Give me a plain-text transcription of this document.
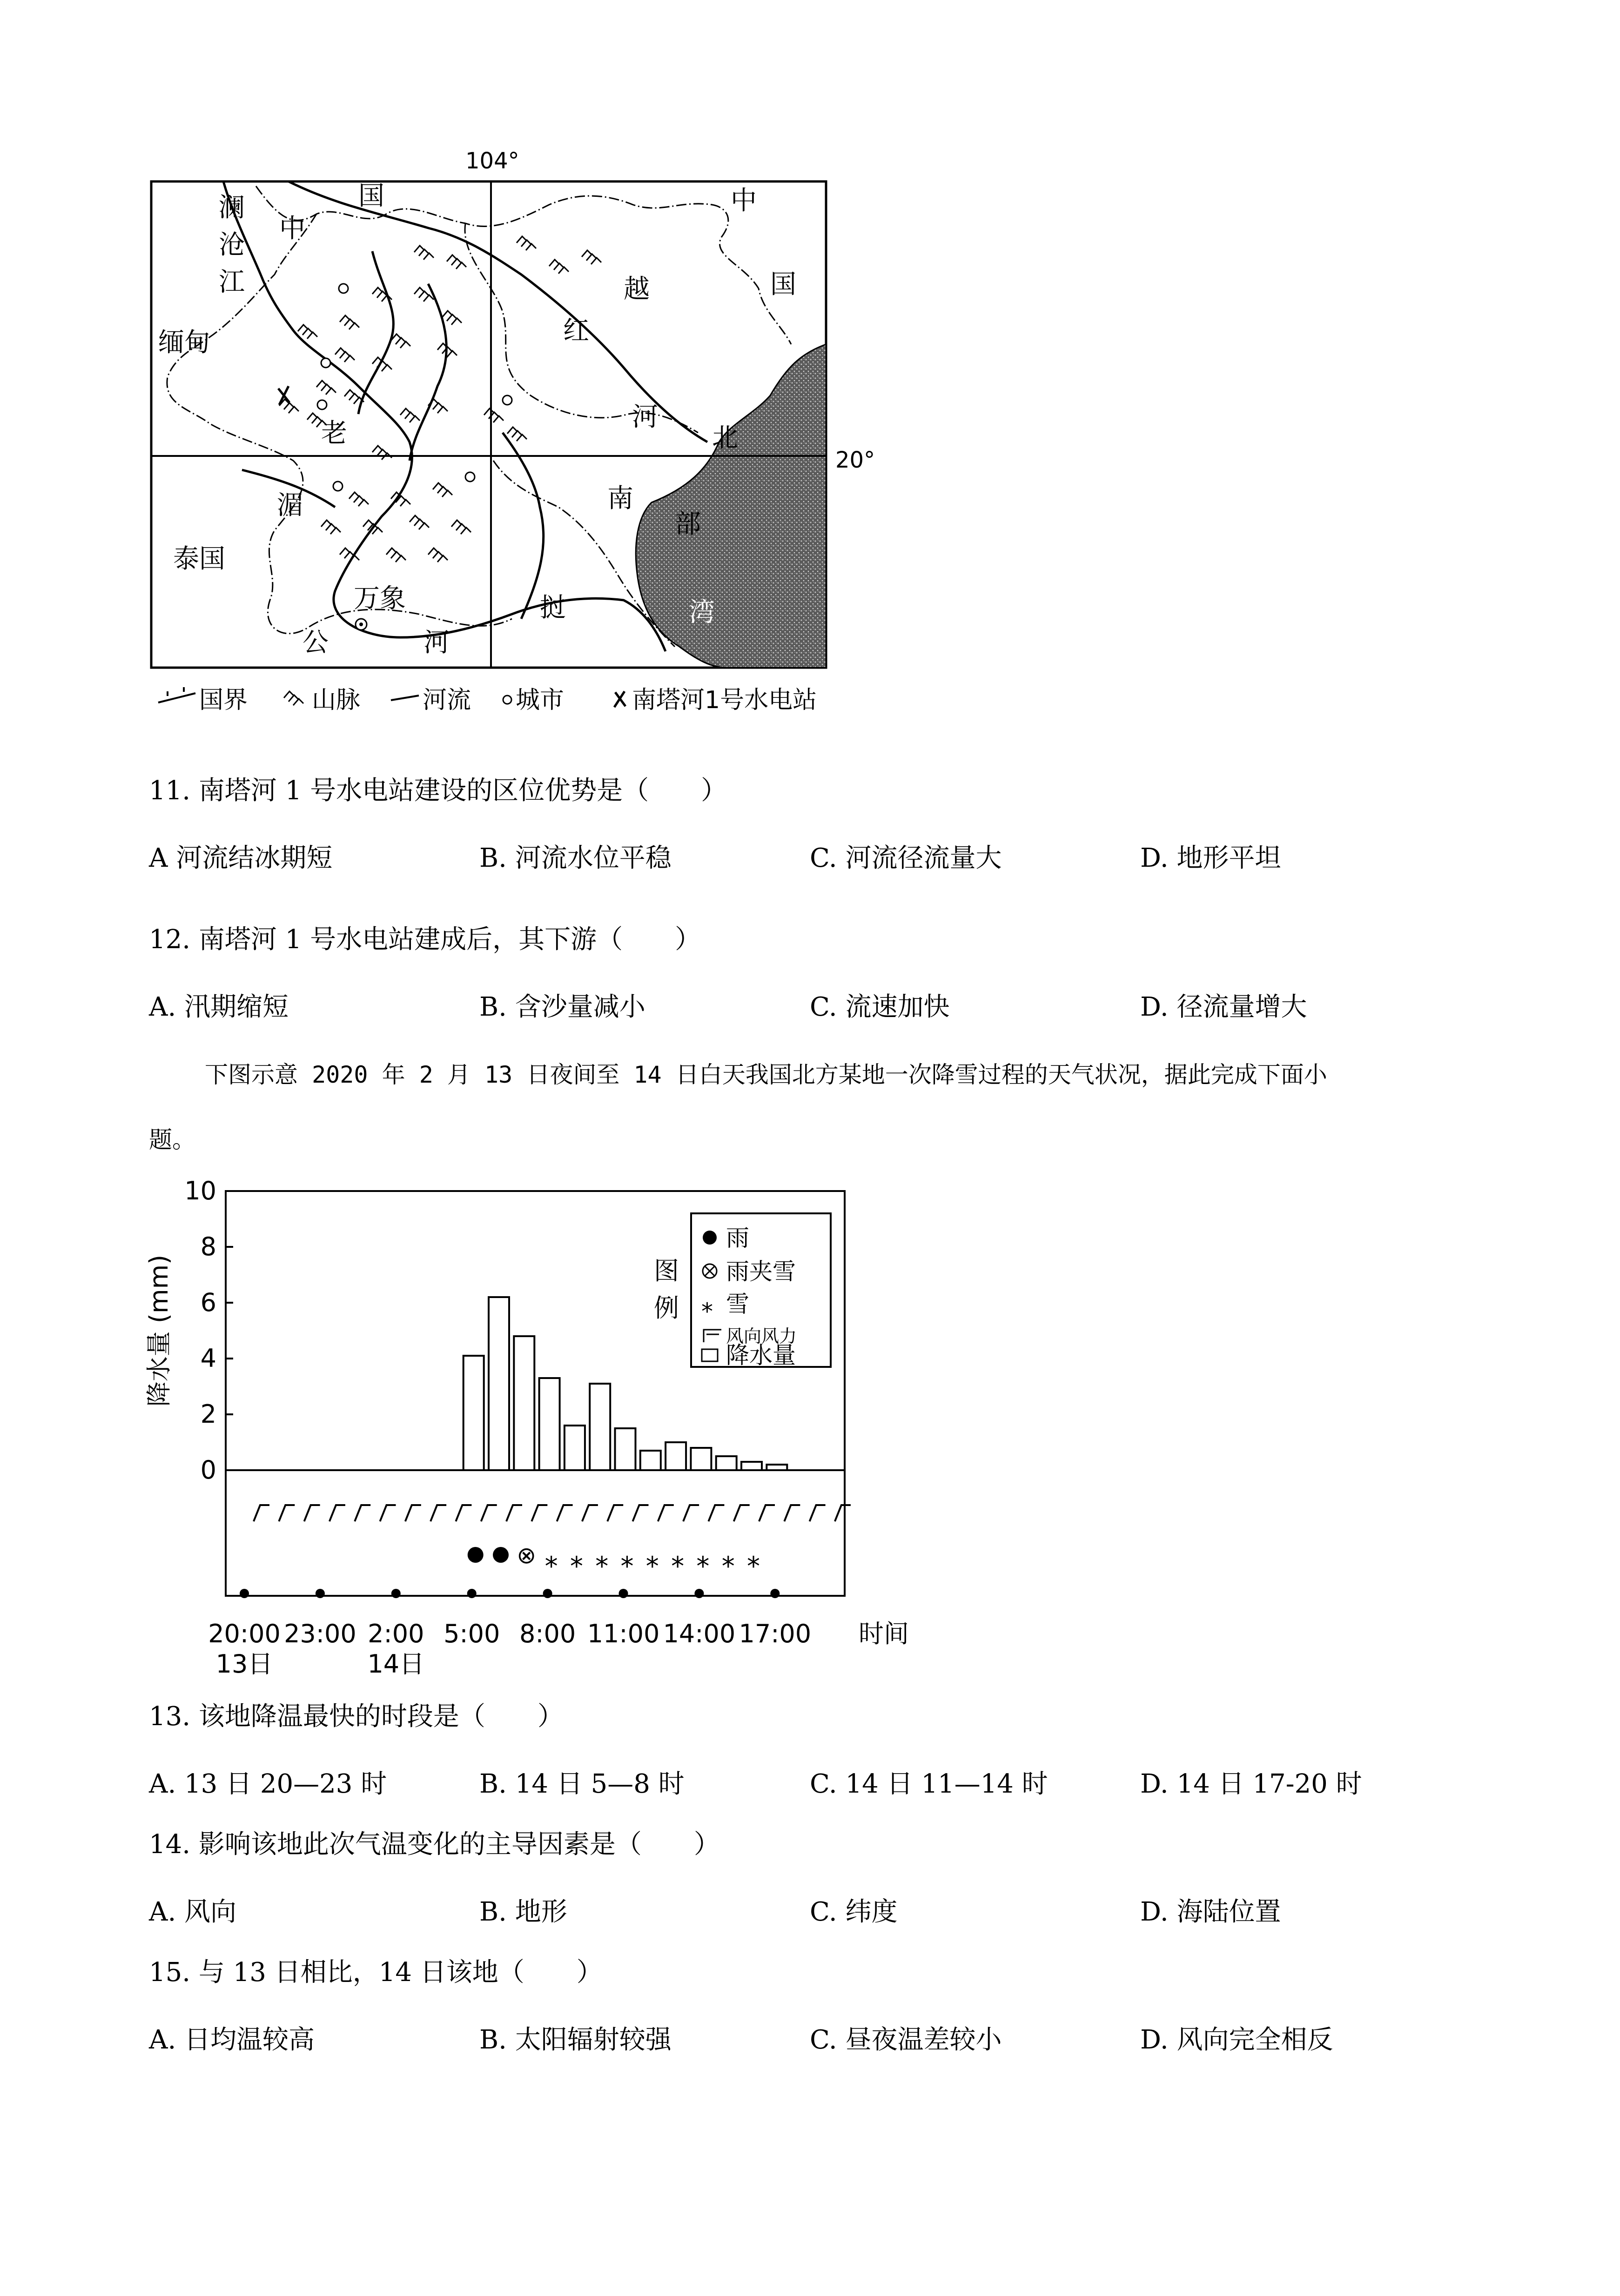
104°
20°
澜
沧
江
中
国	中
国
缅甸
泰国
老
挝
湄
公	河
越
南
红
河
北
部
湾
万象
国界	山脉	河流 城市	南塔河1号水电站
11. 南塔河 1 号水电站建设的区位优势是（　　）
A 河流结冰期短	B. 河流水位平稳	C. 河流径流量大	D. 地形平坦
12. 南塔河 1 号水电站建成后，其下游（　　）
A. 汛期缩短	B. 含沙量减小	C. 流速加快	D. 径流量增大
下图示意 2020 年 2 月 13 日夜间至 14 日白天我国北方某地一次降雪过程的天气状况，据此完成下面小
题。
0
2
4
6
8
10
降水量 (mm)
⊗ ⁎ ⁎ ⁎ ⁎ ⁎ ⁎ ⁎ ⁎ ⁎
20:00
13日
23:00 2:00
14日
5:00 8:00 11:00 14:00 17:00 时间
图
例
雨
雨夹雪
⁎ 雪
风向风力
降水量
13. 该地降温最快的时段是（　　）
A. 13 日 20—23 时	B. 14 日 5—8 时	C. 14 日 11—14 时	D. 14 日 17-20 时
14. 影响该地此次气温变化的主导因素是（　　）
A. 风向	B. 地形	C. 纬度	D. 海陆位置
15. 与 13 日相比，14 日该地（　　）
A. 日均温较高	B. 太阳辐射较强	C. 昼夜温差较小	D. 风向完全相反
